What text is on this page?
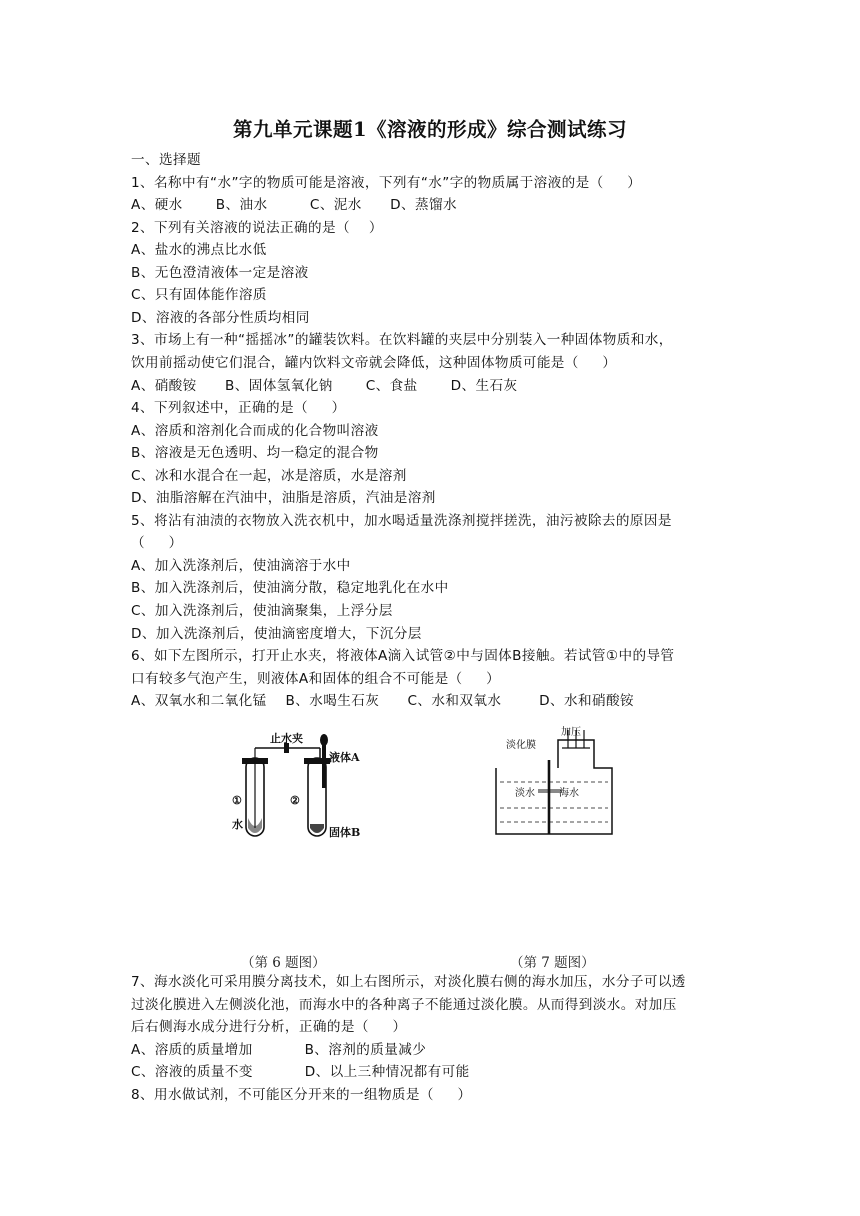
第九单元课题1《溶液的形成》综合测试练习
一、选择题
1、名称中有“水”字的物质可能是溶液，下列有“水”字的物质属于溶液的是（     ）
A、硬水       B、油水         C、泥水      D、蒸馏水
2、下列有关溶液的说法正确的是（    ）
A、盐水的沸点比水低
B、无色澄清液体一定是溶液
C、只有固体能作溶质
D、溶液的各部分性质均相同
3、市场上有一种“摇摇冰”的罐装饮料。在饮料罐的夹层中分别装入一种固体物质和水，
饮用前摇动使它们混合，罐内饮料文帝就会降低，这种固体物质可能是（     ）
A、硝酸铵      B、固体氢氧化钠       C、食盐       D、生石灰
4、下列叙述中，正确的是（     ）
A、溶质和溶剂化合而成的化合物叫溶液
B、溶液是无色透明、均一稳定的混合物
C、冰和水混合在一起，冰是溶质，水是溶剂
D、油脂溶解在汽油中，油脂是溶质，汽油是溶剂
5、将沾有油渍的衣物放入洗衣机中，加水喝适量洗涤剂搅拌搓洗，油污被除去的原因是
（     ）
A、加入洗涤剂后，使油滴溶于水中
B、加入洗涤剂后，使油滴分散，稳定地乳化在水中
C、加入洗涤剂后，使油滴聚集，上浮分层
D、加入洗涤剂后，使油滴密度增大，下沉分层
6、如下左图所示，打开止水夹，将液体A滴入试管②中与固体B接触。若试管①中的导管
口有较多气泡产生，则液体A和固体的组合不可能是（     ）
A、双氧水和二氧化锰    B、水喝生石灰      C、水和双氧水        D、水和硝酸铵
止水夹
液体A
①	②
水
固体B
加压
淡化膜
淡水 海水
（第 6 题图）	（第 7 题图）
7、海水淡化可采用膜分离技术，如上右图所示，对淡化膜右侧的海水加压，水分子可以透
过淡化膜进入左侧淡化池，而海水中的各种离子不能通过淡化膜。从而得到淡水。对加压
后右侧海水成分进行分析，正确的是（     ）
A、溶质的质量增加           B、溶剂的质量减少
C、溶液的质量不变           D、以上三种情况都有可能
8、用水做试剂，不可能区分开来的一组物质是（     ）
